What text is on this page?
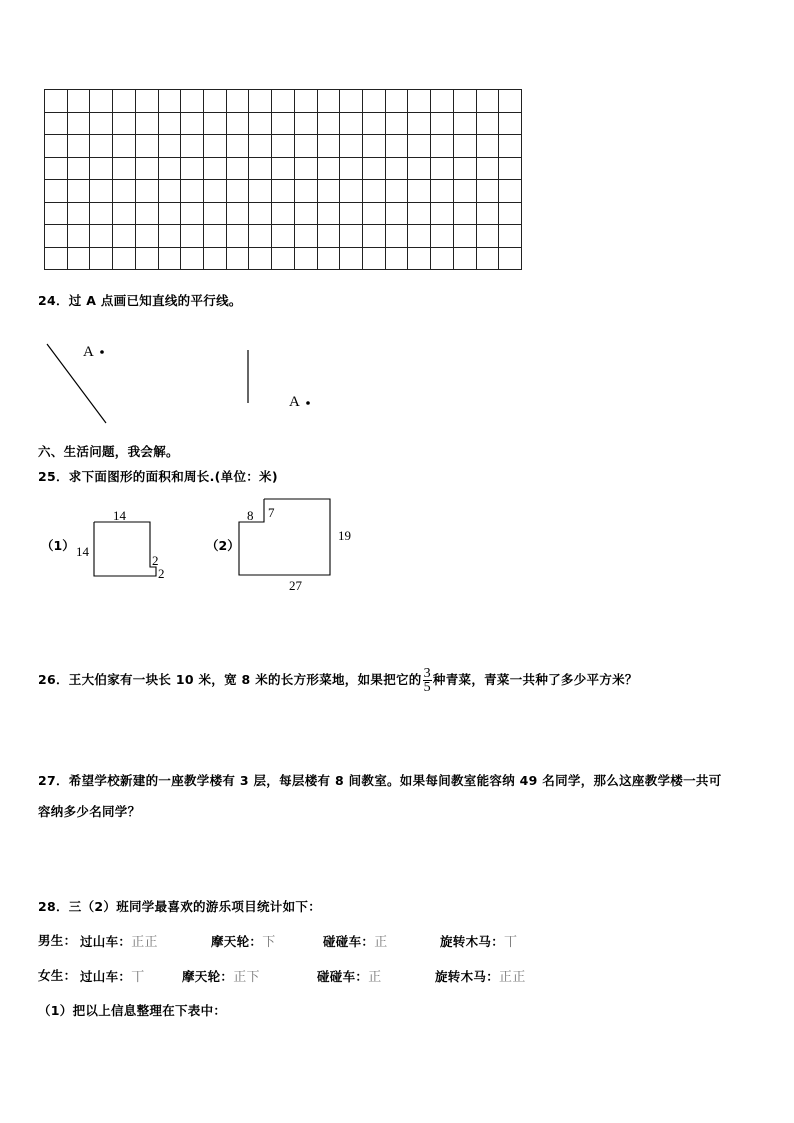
24．过 A 点画已知直线的平行线。
A
A
六、生活问题，我会解。
25．求下面图形的面积和周长.(单位：米)
（1）
14
14
2
2
（2）
8 7
19
27
26．王大伯家有一块长 10 米，宽 8 米的长方形菜地，如果把它的 $\frac{3}{5}$ 种青菜，青菜一共种了多少平方米？
27．希望学校新建的一座教学楼有 3 层，每层楼有 8 间教室。如果每间教室能容纳 49 名同学，那么这座教学楼一共可
容纳多少名同学？
28．三（2）班同学最喜欢的游乐项目统计如下：
男生： 过山车：正正	摩天轮：下	碰碰车：正	旋转木马：丅
女生： 过山车：丅	摩天轮：正下	碰碰车：正	旋转木马：正正
（1）把以上信息整理在下表中：
